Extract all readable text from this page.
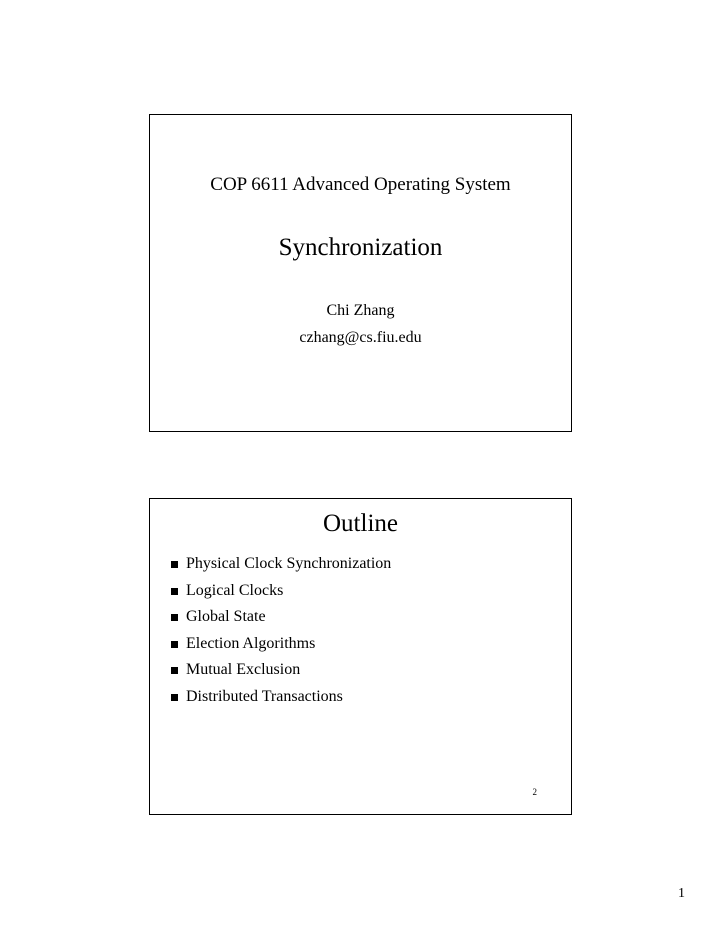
COP 6611 Advanced Operating System
Synchronization
Chi Zhang
czhang@cs.fiu.edu
Outline
Physical Clock Synchronization
Logical Clocks
Global State
Election Algorithms
Mutual Exclusion
Distributed Transactions
2
1
